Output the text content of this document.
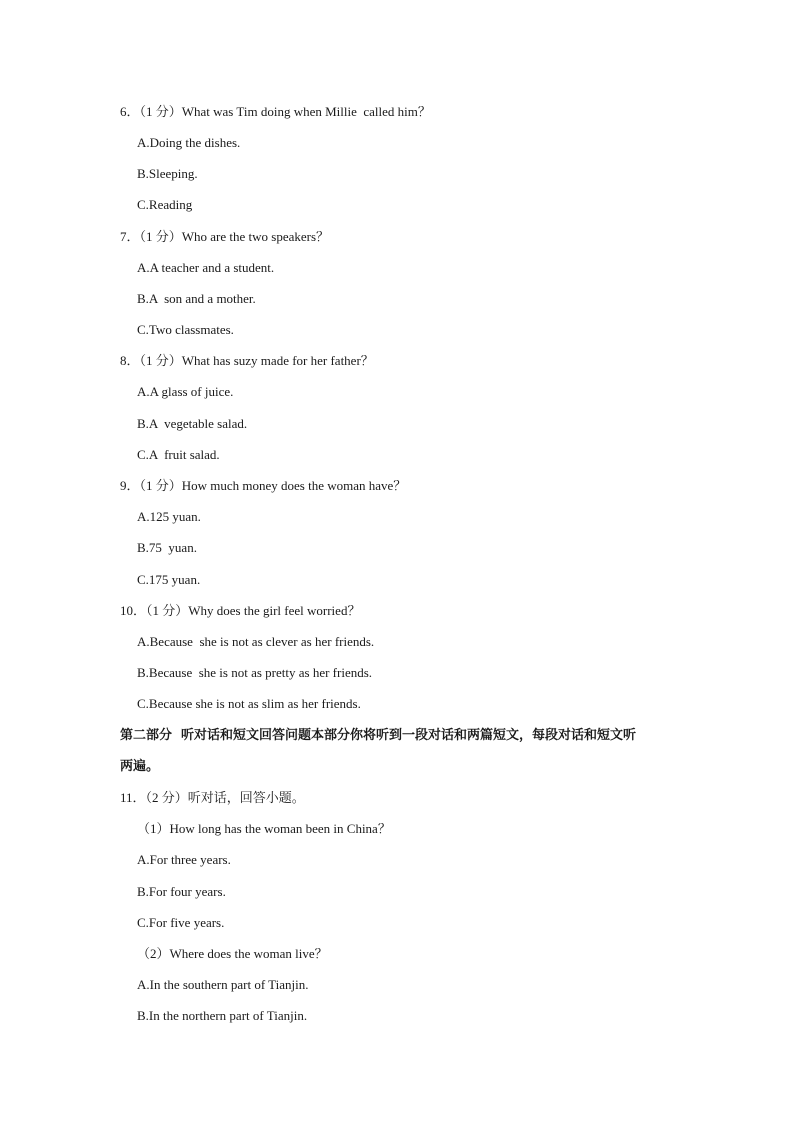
6．（1 分）What was Tim doing when Millie  called him？
A.Doing the dishes.
B.Sleeping.
C.Reading
7．（1 分）Who are the two speakers？
A.A teacher and a student.
B.A  son and a mother.
C.Two classmates.
8．（1 分）What has suzy made for her father？
A.A glass of juice.
B.A  vegetable salad.
C.A  fruit salad.
9．（1 分）How much money does the woman have？
A.125 yuan.
B.75  yuan.
C.175 yuan.
10．（1 分）Why does the girl feel worried？
A.Because  she is not as clever as her friends.
B.Because  she is not as pretty as her friends.
C.Because she is not as slim as her friends.
第二部分  听对话和短文回答问题本部分你将听到一段对话和两篇短文，每段对话和短文听
两遍。
11．（2 分）听对话，回答小题。
（1）How long has the woman been in China？
A.For three years.
B.For four years.
C.For five years.
（2）Where does the woman live？
A.In the southern part of Tianjin.
B.In the northern part of Tianjin.
